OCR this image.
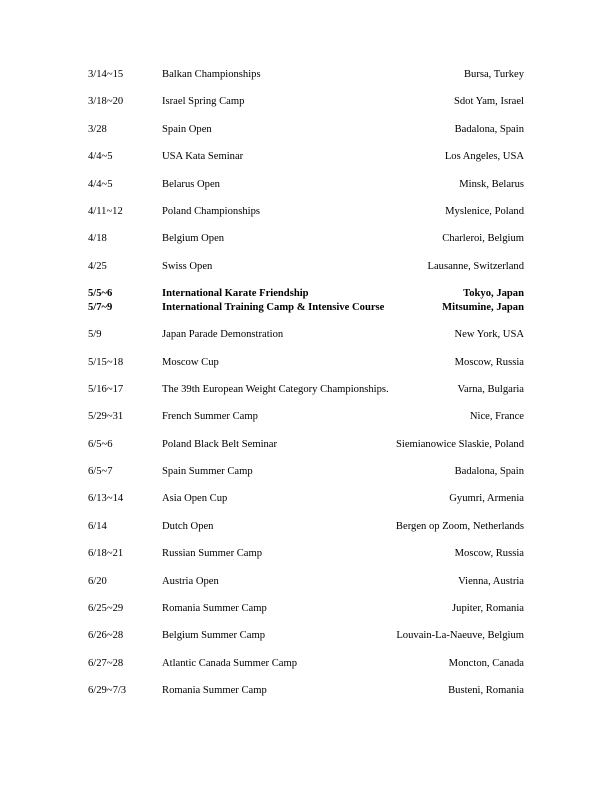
3/14~15	Balkan Championships	Bursa, Turkey
3/18~20	Israel Spring Camp	Sdot Yam, Israel
3/28	Spain Open	Badalona, Spain
4/4~5	USA Kata Seminar	Los Angeles, USA
4/4~5	Belarus Open	Minsk, Belarus
4/11~12	Poland Championships	Myslenice, Poland
4/18	Belgium Open	Charleroi, Belgium
4/25	Swiss Open	Lausanne, Switzerland
5/5~6	International Karate Friendship	Tokyo, Japan
5/7~9	International Training Camp & Intensive Course	Mitsumine, Japan
5/9	Japan Parade Demonstration	New York, USA
5/15~18	Moscow Cup	Moscow, Russia
5/16~17	The 39th European Weight Category Championships.	Varna, Bulgaria
5/29~31	French Summer Camp	Nice, France
6/5~6	Poland Black Belt Seminar	Siemianowice Slaskie, Poland
6/5~7	Spain Summer Camp	Badalona, Spain
6/13~14	Asia Open Cup	Gyumri, Armenia
6/14	Dutch Open	Bergen op Zoom, Netherlands
6/18~21	Russian Summer Camp	Moscow, Russia
6/20	Austria Open	Vienna, Austria
6/25~29	Romania Summer Camp	Jupiter, Romania
6/26~28	Belgium Summer Camp	Louvain-La-Naeuve, Belgium
6/27~28	Atlantic Canada Summer Camp	Moncton, Canada
6/29~7/3	Romania Summer Camp	Busteni, Romania
